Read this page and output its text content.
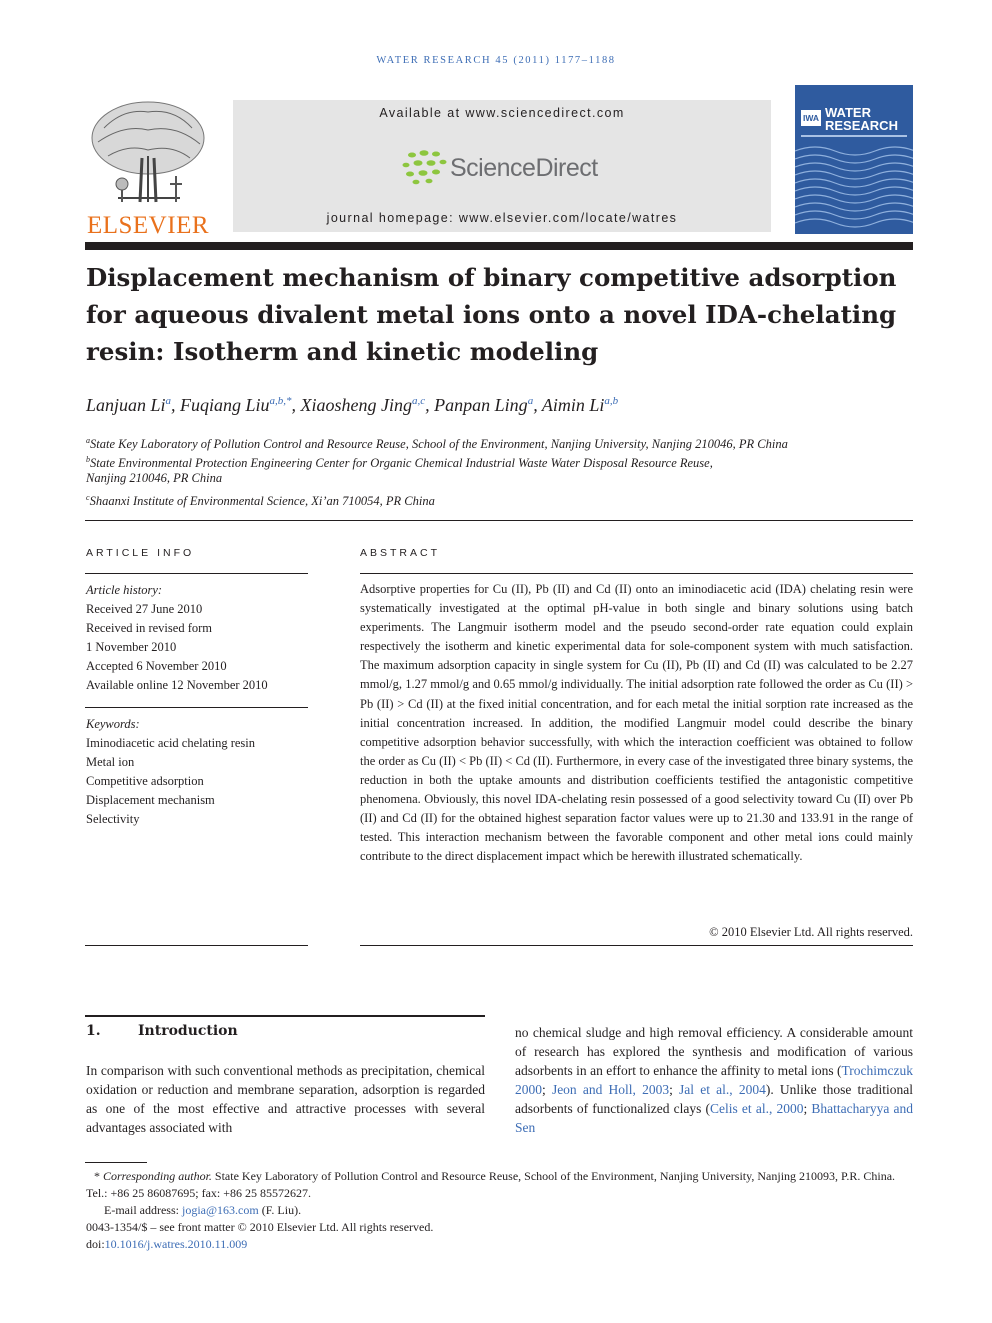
WATER RESEARCH 45 (2011) 1177–1188
ELSEVIER
Available at www.sciencedirect.com
ScienceDirect
journal homepage: www.elsevier.com/locate/watres
IWA WATER
RESEARCH
Displacement mechanism of binary competitive adsorption for aqueous divalent metal ions onto a novel IDA-chelating resin: Isotherm and kinetic modeling
Lanjuan Li$^a$, Fuqiang Liu$^{a,b,*}$, Xiaosheng Jing$^{a,c}$, Panpan Ling$^a$, Aimin Li$^{a,b}$
$^a$State Key Laboratory of Pollution Control and Resource Reuse, School of the Environment, Nanjing University, Nanjing 210046, PR China
$^b$State Environmental Protection Engineering Center for Organic Chemical Industrial Waste Water Disposal Resource Reuse,
Nanjing 210046, PR China
$^c$Shaanxi Institute of Environmental Science, Xi’an 710054, PR China
ARTICLE INFO
Article history:
Received 27 June 2010
Received in revised form
1 November 2010
Accepted 6 November 2010
Available online 12 November 2010
Keywords:
Iminodiacetic acid chelating resin
Metal ion
Competitive adsorption
Displacement mechanism
Selectivity
ABSTRACT
Adsorptive properties for Cu (II), Pb (II) and Cd (II) onto an iminodiacetic acid (IDA) chelating resin were systematically investigated at the optimal pH-value in both single and binary solutions using batch experiments. The Langmuir isotherm model and the pseudo second-order rate equation could explain respectively the isotherm and kinetic experimental data for sole-component system with much satisfaction. The maximum adsorption capacity in single system for Cu (II), Pb (II) and Cd (II) was calculated to be 2.27 mmol/g, 1.27 mmol/g and 0.65 mmol/g individually. The initial adsorption rate followed the order as Cu (II) > Pb (II) > Cd (II) at the fixed initial concentration, and for each metal the initial sorption rate increased as the initial concentration increased. In addition, the modified Langmuir model could describe the binary competitive adsorption behavior successfully, with which the interaction coefficient was obtained to follow the order as Cu (II) < Pb (II) < Cd (II). Furthermore, in every case of the investigated three binary systems, the reduction in both the uptake amounts and distribution coefficients testified the antagonistic competitive phenomena. Obviously, this novel IDA-chelating resin possessed of a good selectivity toward Cu (II) over Pb (II) and Cd (II) for the obtained highest separation factor values were up to 21.30 and 133.91 in the range of tested. This interaction mechanism between the favorable component and other metal ions could mainly contribute to the direct displacement impact which be herewith illustrated schematically.
© 2010 Elsevier Ltd. All rights reserved.
1.	Introduction
In comparison with such conventional methods as precipitation, chemical oxidation or reduction and membrane separation, adsorption is regarded as one of the most effective and attractive processes with several advantages associated with
no chemical sludge and high removal efficiency. A considerable amount of research has explored the synthesis and modification of various adsorbents in an effort to enhance the affinity to metal ions (Trochimczuk 2000; Jeon and Holl, 2003; Jal et al., 2004). Unlike those traditional adsorbents of functionalized clays (Celis et al., 2000; Bhattacharyya and Sen
* Corresponding author. State Key Laboratory of Pollution Control and Resource Reuse, School of the Environment, Nanjing University, Nanjing 210093, P.R. China. Tel.: +86 25 86087695; fax: +86 25 85572627.
E-mail address: jogia@163.com (F. Liu).
0043-1354/$ – see front matter © 2010 Elsevier Ltd. All rights reserved.
doi:10.1016/j.watres.2010.11.009
